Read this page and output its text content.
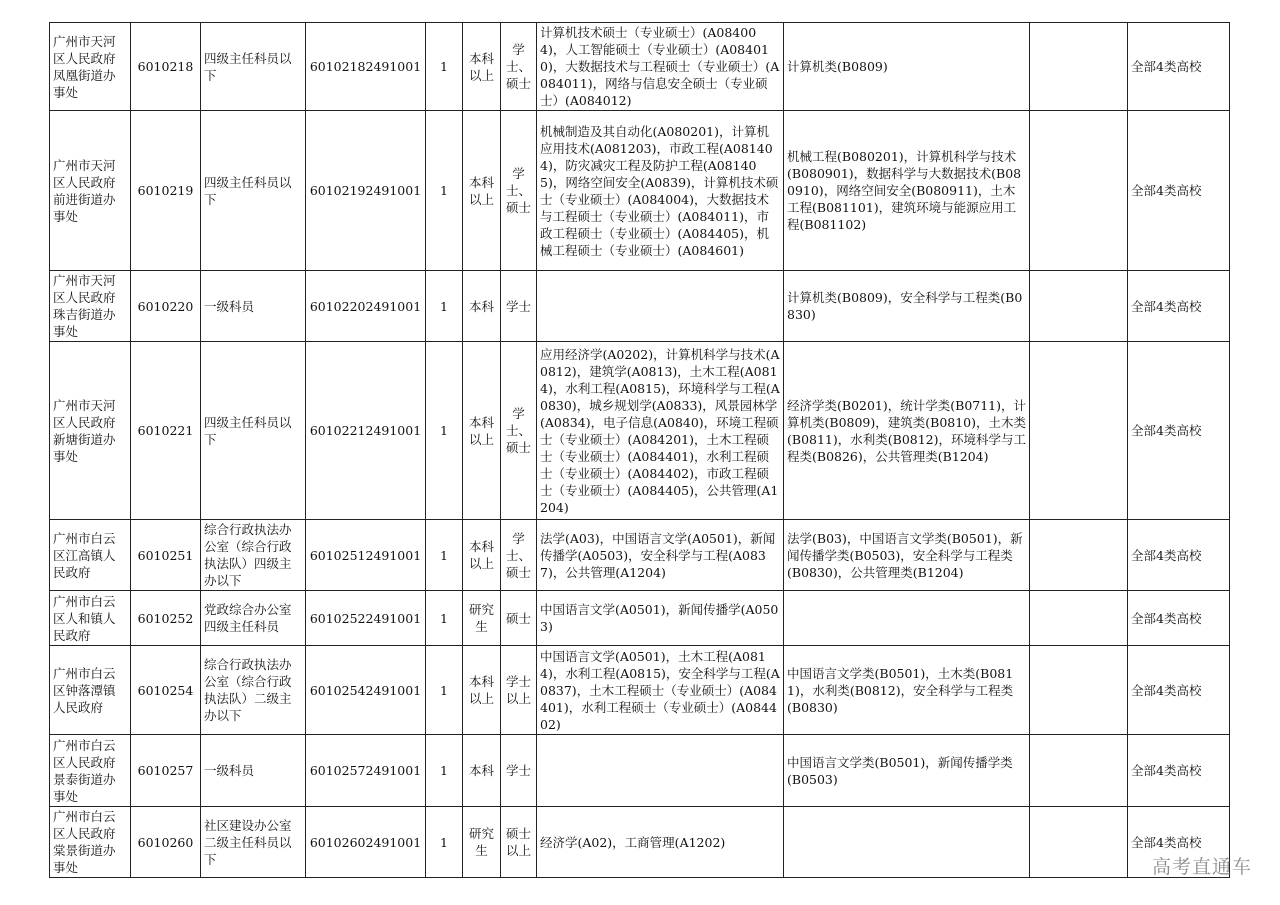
广州市天河区人民政府凤凰街道办事处	6010218	四级主任科员以下	60102182491001	1	本科以上	学士、硕士	计算机技术硕士（专业硕士）(A084004)，人工智能硕士（专业硕士）(A084010)，大数据技术与工程硕士（专业硕士）(A084011)，网络与信息安全硕士（专业硕士）(A084012)	计算机类(B0809)		全部4类高校
广州市天河区人民政府前进街道办事处	6010219	四级主任科员以下	60102192491001	1	本科以上	学士、硕士	机械制造及其自动化(A080201)，计算机应用技术(A081203)，市政工程(A081404)，防灾减灾工程及防护工程(A081405)，网络空间安全(A0839)，计算机技术硕士（专业硕士）(A084004)，大数据技术与工程硕士（专业硕士）(A084011)，市政工程硕士（专业硕士）(A084405)，机械工程硕士（专业硕士）(A084601)	机械工程(B080201)，计算机科学与技术(B080901)，数据科学与大数据技术(B080910)，网络空间安全(B080911)，土木工程(B081101)，建筑环境与能源应用工程(B081102)		全部4类高校
广州市天河区人民政府珠吉街道办事处	6010220	一级科员	60102202491001	1	本科	学士		计算机类(B0809)，安全科学与工程类(B0830)		全部4类高校
广州市天河区人民政府新塘街道办事处	6010221	四级主任科员以下	60102212491001	1	本科以上	学士、硕士	应用经济学(A0202)，计算机科学与技术(A0812)，建筑学(A0813)，土木工程(A0814)，水利工程(A0815)，环境科学与工程(A0830)，城乡规划学(A0833)，风景园林学(A0834)，电子信息(A0840)，环境工程硕士（专业硕士）(A084201)，土木工程硕士（专业硕士）(A084401)，水利工程硕士（专业硕士）(A084402)，市政工程硕士（专业硕士）(A084405)，公共管理(A1204)	经济学类(B0201)，统计学类(B0711)，计算机类(B0809)，建筑类(B0810)，土木类(B0811)，水利类(B0812)，环境科学与工程类(B0826)，公共管理类(B1204)		全部4类高校
广州市白云区江高镇人民政府	6010251	综合行政执法办公室（综合行政执法队）四级主办以下	60102512491001	1	本科以上	学士、硕士	法学(A03)，中国语言文学(A0501)，新闻传播学(A0503)，安全科学与工程(A0837)，公共管理(A1204)	法学(B03)，中国语言文学类(B0501)，新闻传播学类(B0503)，安全科学与工程类(B0830)，公共管理类(B1204)		全部4类高校
广州市白云区人和镇人民政府	6010252	党政综合办公室四级主任科员	60102522491001	1	研究生	硕士	中国语言文学(A0501)，新闻传播学(A0503)			全部4类高校
广州市白云区钟落潭镇人民政府	6010254	综合行政执法办公室（综合行政执法队）二级主办以下	60102542491001	1	本科以上	学士以上	中国语言文学(A0501)，土木工程(A0814)，水利工程(A0815)，安全科学与工程(A0837)，土木工程硕士（专业硕士）(A084401)，水利工程硕士（专业硕士）(A084402)	中国语言文学类(B0501)，土木类(B0811)，水利类(B0812)，安全科学与工程类(B0830)		全部4类高校
广州市白云区人民政府景泰街道办事处	6010257	一级科员	60102572491001	1	本科	学士		中国语言文学类(B0501)，新闻传播学类(B0503)		全部4类高校
广州市白云区人民政府棠景街道办事处	6010260	社区建设办公室二级主任科员以下	60102602491001	1	研究生	硕士以上	经济学(A02)，工商管理(A1202)			全部4类高校
高考直通车
